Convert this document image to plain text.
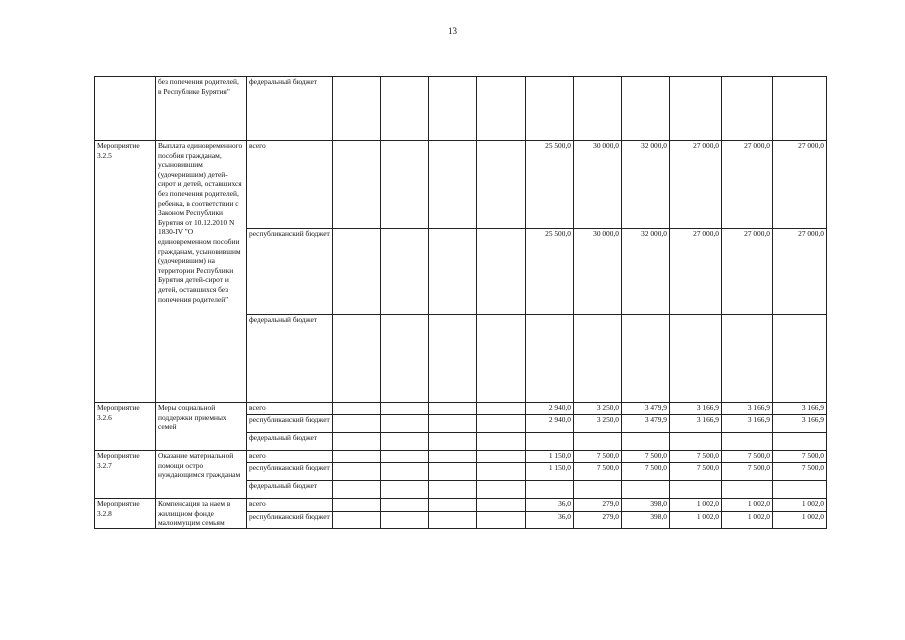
13
	без попечения родителей, в Республике Бурятия"	федеральный бюджет										
Мероприятие 3.2.5	Выплата единовременного пособия гражданам, усыновившим (удочерившим) детей-сирот и детей, оставшихся без попечения родителей, ребенка, в соответствии с Законом Республики Бурятия от 10.12.2010 N 1830-IV "О единовременном пособии гражданам, усыновившим (удочерившим) на территории Республики Бурятия детей-сирот и детей, оставшихся без попечения родителей"	всего					25 500,0	30 000,0	32 000,0	27 000,0	27 000,0	27 000,0
		республиканский бюджет					25 500,0	30 000,0	32 000,0	27 000,0	27 000,0	27 000,0
		федеральный бюджет										
Мероприятие 3.2.6	Меры социальной поддержки приемных семей	всего					2 940,0	3 250,0	3 479,9	3 166,9	3 166,9	3 166,9
		республиканский бюджет					2 940,0	3 250,0	3 479,9	3 166,9	3 166,9	3 166,9
		федеральный бюджет										
Мероприятие 3.2.7	Оказание материальной помощи остро нуждающимся гражданам	всего					1 150,0	7 500,0	7 500,0	7 500,0	7 500,0	7 500,0
		республиканский бюджет					1 150,0	7 500,0	7 500,0	7 500,0	7 500,0	7 500,0
		федеральный бюджет										
Мероприятие 3.2.8	Компенсация за наем в жилищном фонде малоимущим семьям	всего					36,0	279,0	398,0	1 002,0	1 002,0	1 002,0
		республиканский бюджет					36,0	279,0	398,0	1 002,0	1 002,0	1 002,0
